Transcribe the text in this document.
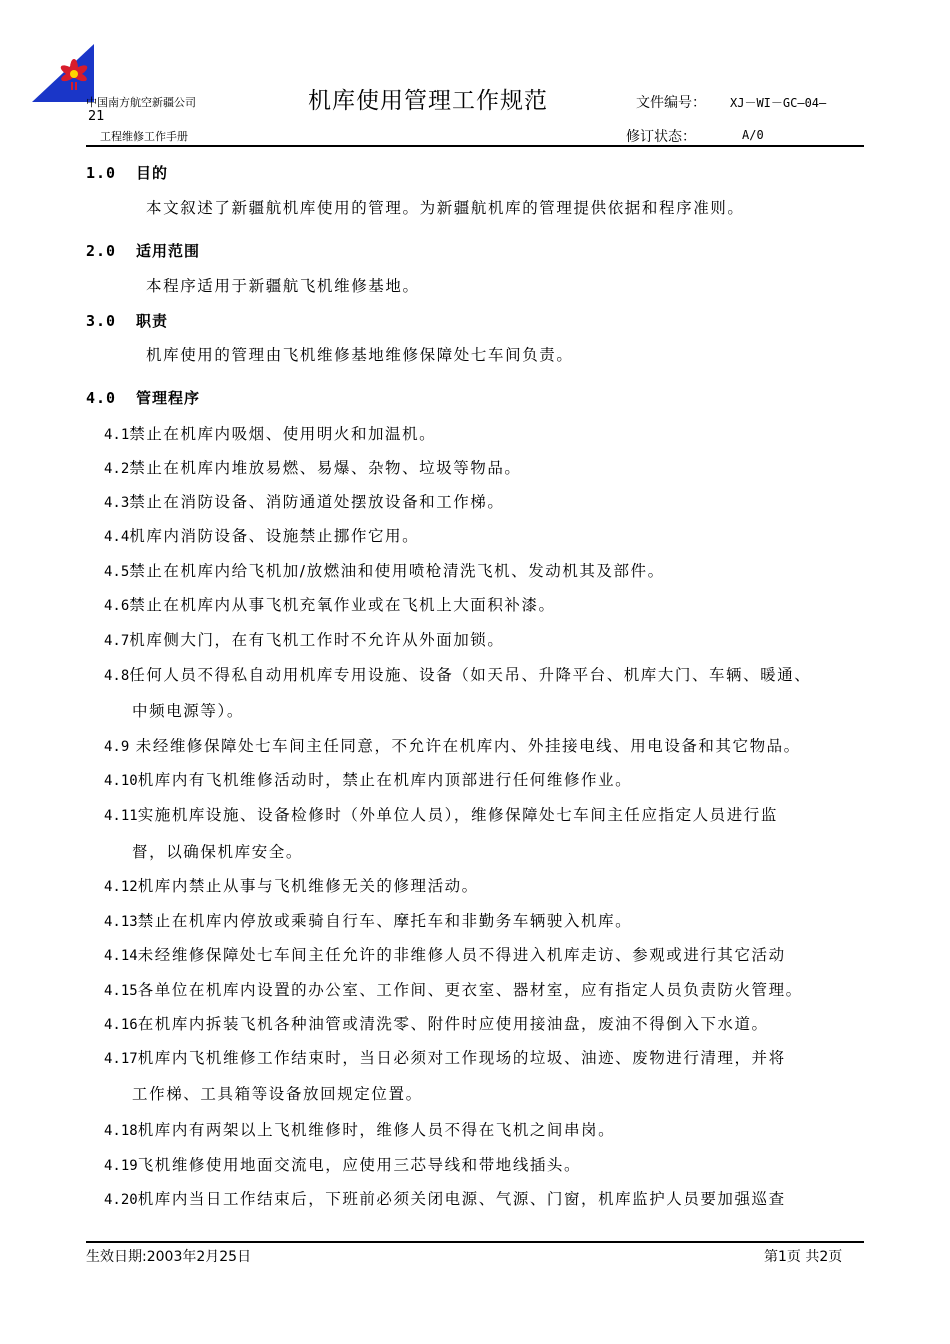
中国南方航空新疆公司
21
工程维修工作手册
机库使用管理工作规范	文件编号： XJ－WI－GC—04—
修订状态：	A/0
1.0 目的
本文叙述了新疆航机库使用的管理。为新疆航机库的管理提供依据和程序准则。
2.0 适用范围
本程序适用于新疆航飞机维修基地。
3.0 职责
机库使用的管理由飞机维修基地维修保障处七车间负责。
4.0 管理程序
4.1禁止在机库内吸烟、使用明火和加温机。
4.2禁止在机库内堆放易燃、易爆、杂物、垃圾等物品。
4.3禁止在消防设备、消防通道处摆放设备和工作梯。
4.4机库内消防设备、设施禁止挪作它用。
4.5禁止在机库内给飞机加/放燃油和使用喷枪清洗飞机、发动机其及部件。
4.6禁止在机库内从事飞机充氧作业或在飞机上大面积补漆。
4.7机库侧大门，在有飞机工作时不允许从外面加锁。
4.8任何人员不得私自动用机库专用设施、设备（如天吊、升降平台、机库大门、车辆、暖通、
中频电源等）。
4.9 未经维修保障处七车间主任同意，不允许在机库内、外挂接电线、用电设备和其它物品。
4.10机库内有飞机维修活动时，禁止在机库内顶部进行任何维修作业。
4.11实施机库设施、设备检修时（外单位人员），维修保障处七车间主任应指定人员进行监
督，以确保机库安全。
4.12机库内禁止从事与飞机维修无关的修理活动。
4.13禁止在机库内停放或乘骑自行车、摩托车和非勤务车辆驶入机库。
4.14未经维修保障处七车间主任允许的非维修人员不得进入机库走访、参观或进行其它活动
4.15各单位在机库内设置的办公室、工作间、更衣室、器材室，应有指定人员负责防火管理。
4.16在机库内拆装飞机各种油管或清洗零、附件时应使用接油盘，废油不得倒入下水道。
4.17机库内飞机维修工作结束时，当日必须对工作现场的垃圾、油迹、废物进行清理，并将
工作梯、工具箱等设备放回规定位置。
4.18机库内有两架以上飞机维修时，维修人员不得在飞机之间串岗。
4.19飞机维修使用地面交流电，应使用三芯导线和带地线插头。
4.20机库内当日工作结束后，下班前必须关闭电源、气源、门窗，机库监护人员要加强巡查
生效日期:2003年2月25日	第1页 共2页
